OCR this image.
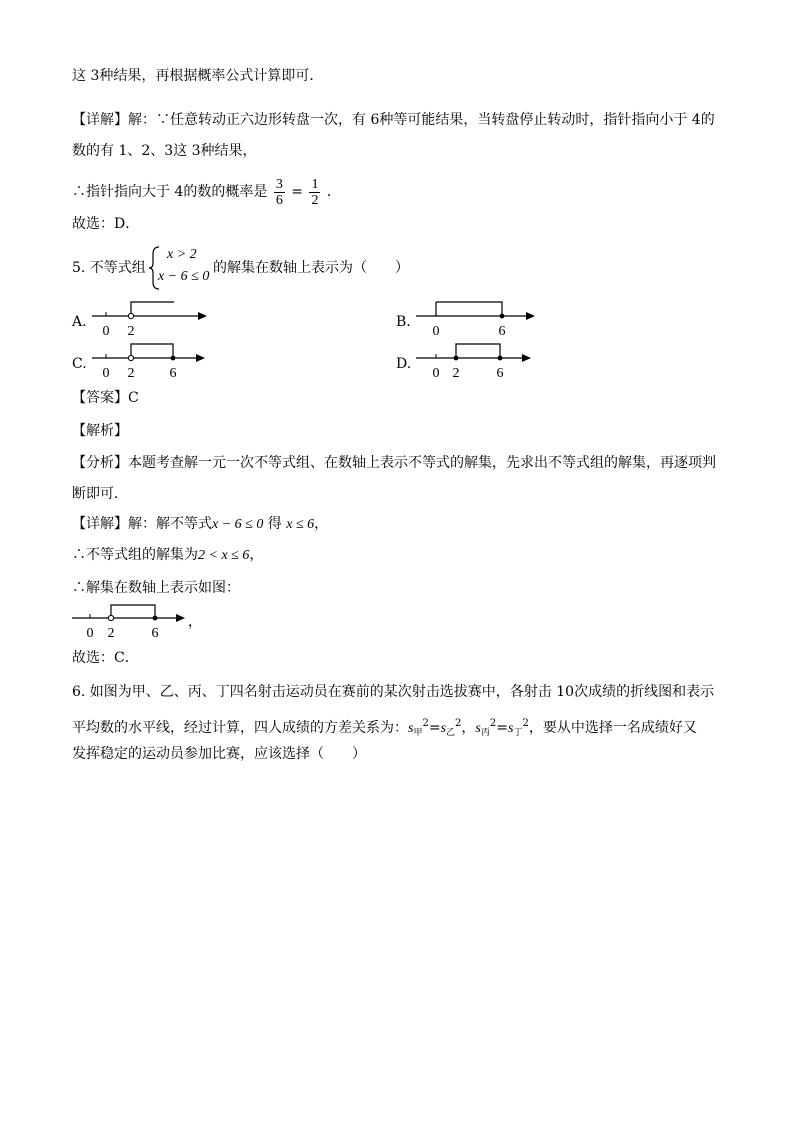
这 3种结果，再根据概率公式计算即可．
【详解】解：∵任意转动正六边形转盘一次，有 6种等可能结果，当转盘停止转动时，指针指向小于 4的
数的有 1、2、3这 3种结果，
∴指针指向大于 4的数的概率是 $\frac{3}{6} = \frac{1}{2}$ ．
故选：D．
5. 不等式组
x > 2
x − 6 ≤ 0
的解集在数轴上表示为（　　）
A.
0 2
B.
0	6
C.
0 2	6
D.
0 2	6
【答案】C
【解析】
【分析】本题考查解一元一次不等式组、在数轴上表示不等式的解集，先求出不等式组的解集，再逐项判
断即可．
【详解】解：解不等式x − 6 ≤ 0 得 x ≤ 6，
∴不等式组的解集为2 < x ≤ 6，
∴解集在数轴上表示如图：
0 2	6
，
故选：C．
6. 如图为甲、乙、丙、丁四名射击运动员在赛前的某次射击选拔赛中，各射击 10次成绩的折线图和表示
平均数的水平线，经过计算，四人成绩的方差关系为：$s_甲^2=s_乙^2$，$s_丙^2=s_丁^2$，要从中选择一名成绩好又
发挥稳定的运动员参加比赛，应该选择（　　）
